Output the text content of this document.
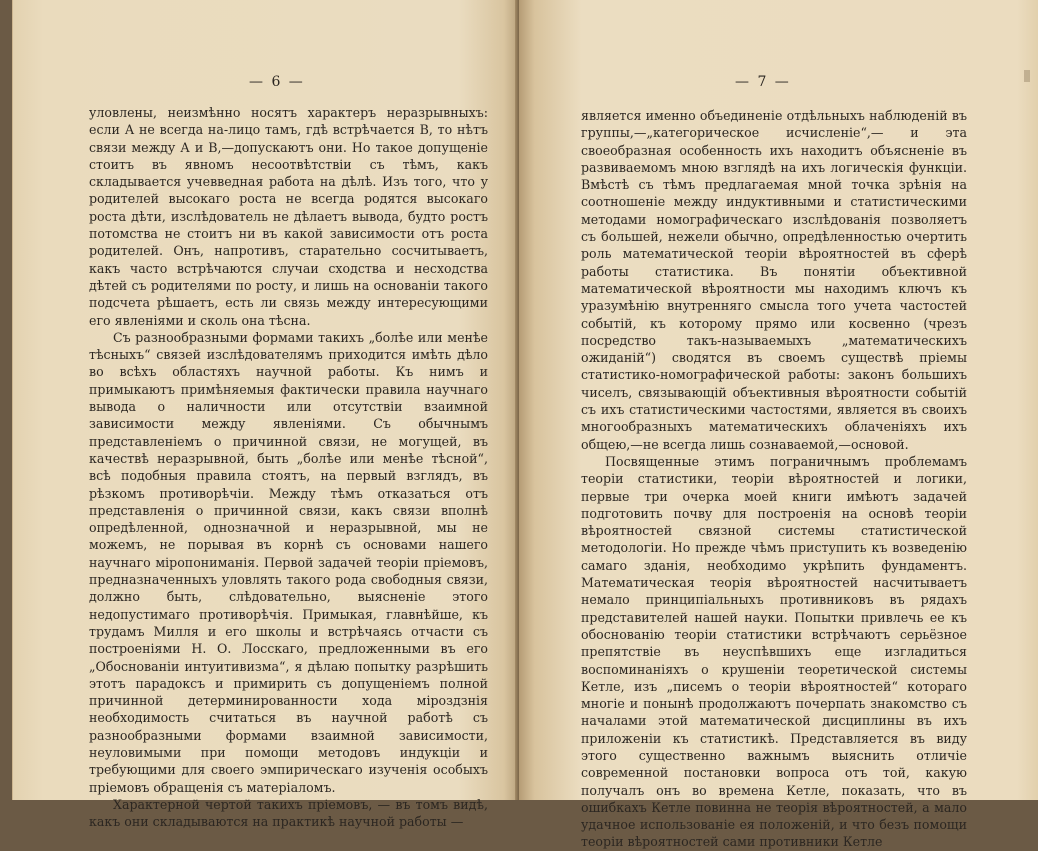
— 6 —

уловлены, неизмѣнно носятъ характеръ неразрывныхъ: если А не всегда на-лицо тамъ, гдѣ встрѣчается В, то нѣтъ связи между А и В,—допускаютъ они. Но такое допущеніе стоитъ въ явномъ несоотвѣтствіи съ тѣмъ, какъ складывается учевведная работа на дѣлѣ. Изъ того, что у родителей высокаго роста не всегда родятся высокаго роста дѣти, изслѣдователь не дѣлаетъ вывода, будто ростъ потомства не стоитъ ни въ какой зависимости отъ роста родителей. Онъ, напротивъ, старательно сосчитываетъ, какъ часто встрѣчаются случаи сходства и несходства дѣтей съ родителями по росту, и лишь на основаніи такого подсчета рѣшаетъ, есть ли связь между интересующими его явленіями и сколь она тѣсна.

Съ разнообразными формами такихъ „болѣе или менѣе тѣсныхъ“ связей изслѣдователямъ приходится имѣть дѣло во всѣхъ областяхъ научной работы. Къ нимъ и примыкаютъ примѣняемыя фактически правила научнаго вывода о наличности или отсутствіи взаимной зависимости между явленіями. Съ обычнымъ представленіемъ о причинной связи, не могущей, въ качествѣ неразрывной, быть „болѣе или менѣе тѣсной“, всѣ подобныя правила стоятъ, на первый взглядъ, въ рѣзкомъ противорѣчіи. Между тѣмъ отказаться отъ представленія о причинной связи, какъ связи вполнѣ опредѣленной, однозначной и неразрывной, мы не можемъ, не порывая въ корнѣ съ основами нашего научнаго міропониманія. Первой задачей теоріи пріемовъ, предназначенныхъ уловлять такого рода свободныя связи, должно быть, слѣдовательно, выясненіе этого недопустимаго противорѣчія. Примыкая, главнѣйше, къ трудамъ Милля и его школы и встрѣчаясь отчасти съ построеніями Н. О. Лосскаго, предложенными въ его „Обоснованіи интуитивизма“, я дѣлаю попытку разрѣшить этотъ парадоксъ и примирить съ допущеніемъ полной причинной детерминированности хода міроздзнія необходимость считаться въ научной работѣ съ разнообразными формами взаимной зависимости, неуловимыми при помощи методовъ индукціи и требующими для своего эмпирическаго изученія особыхъ пріемовъ обращенія съ матеріаломъ.

Характерной чертой такихъ пріемовъ, — въ томъ видѣ, какъ они складываются на практикѣ научной работы —

— 7 —

является именно объединеніе отдѣльныхъ наблюденій въ группы,—„категорическое исчисленіе“,— и эта своеобразная особенность ихъ находитъ объясненіе въ развиваемомъ мною взглядѣ на ихъ логическія функціи. Вмѣстѣ съ тѣмъ предлагаемая мной точка зрѣнія на соотношеніе между индуктивными и статистическими методами номографическаго изслѣдованія позволяетъ съ большей, нежели обычно, опредѣленностью очертить роль математической теоріи вѣроятностей въ сферѣ работы статистика. Въ понятіи объективной математической вѣроятности мы находимъ ключъ къ уразумѣнію внутренняго смысла того учета частостей событій, къ которому прямо или косвенно (чрезъ посредство такъ-называемыхъ „математическихъ ожиданій“) сводятся въ своемъ существѣ пріемы статистико-номографической работы: законъ большихъ чиселъ, связывающій объективныя вѣроятности событій съ ихъ статистическими частостями, является въ своихъ многообразныхъ математическихъ облаченіяхъ ихъ общею,—не всегда лишь сознаваемой,—основой.

Посвященные этимъ пограничнымъ проблемамъ теоріи статистики, теоріи вѣроятностей и логики, первые три очерка моей книги имѣютъ задачей подготовить почву для построенія на основѣ теоріи вѣроятностей связной системы статистической методологіи. Но прежде чѣмъ приступить къ возведенію самаго зданія, необходимо укрѣпить фундаментъ. Математическая теорія вѣроятностей насчитываетъ немало принципіальныхъ противниковъ въ рядахъ представителей нашей науки. Попытки привлечь ее къ обоснованію теоріи статистики встрѣчаютъ серьёзное препятствіе въ неуспѣвшихъ еще изгладиться воспоминаніяхъ о крушеніи теоретической системы Кетле, изъ „писемъ о теоріи вѣроятностей“ котораго многіе и понынѣ продолжаютъ почерпать знакомство съ началами этой математической дисциплины въ ихъ приложеніи къ статистикѣ. Представляется въ виду этого существенно важнымъ выяснить отличіе современной постановки вопроса отъ той, какую получалъ онъ во времена Кетле, показать, что въ ошибкахъ Кетле повинна не теорія вѣроятностей, а мало удачное использованіе ея положеній, и что безъ помощи теоріи вѣроятностей сами противники Кетле
